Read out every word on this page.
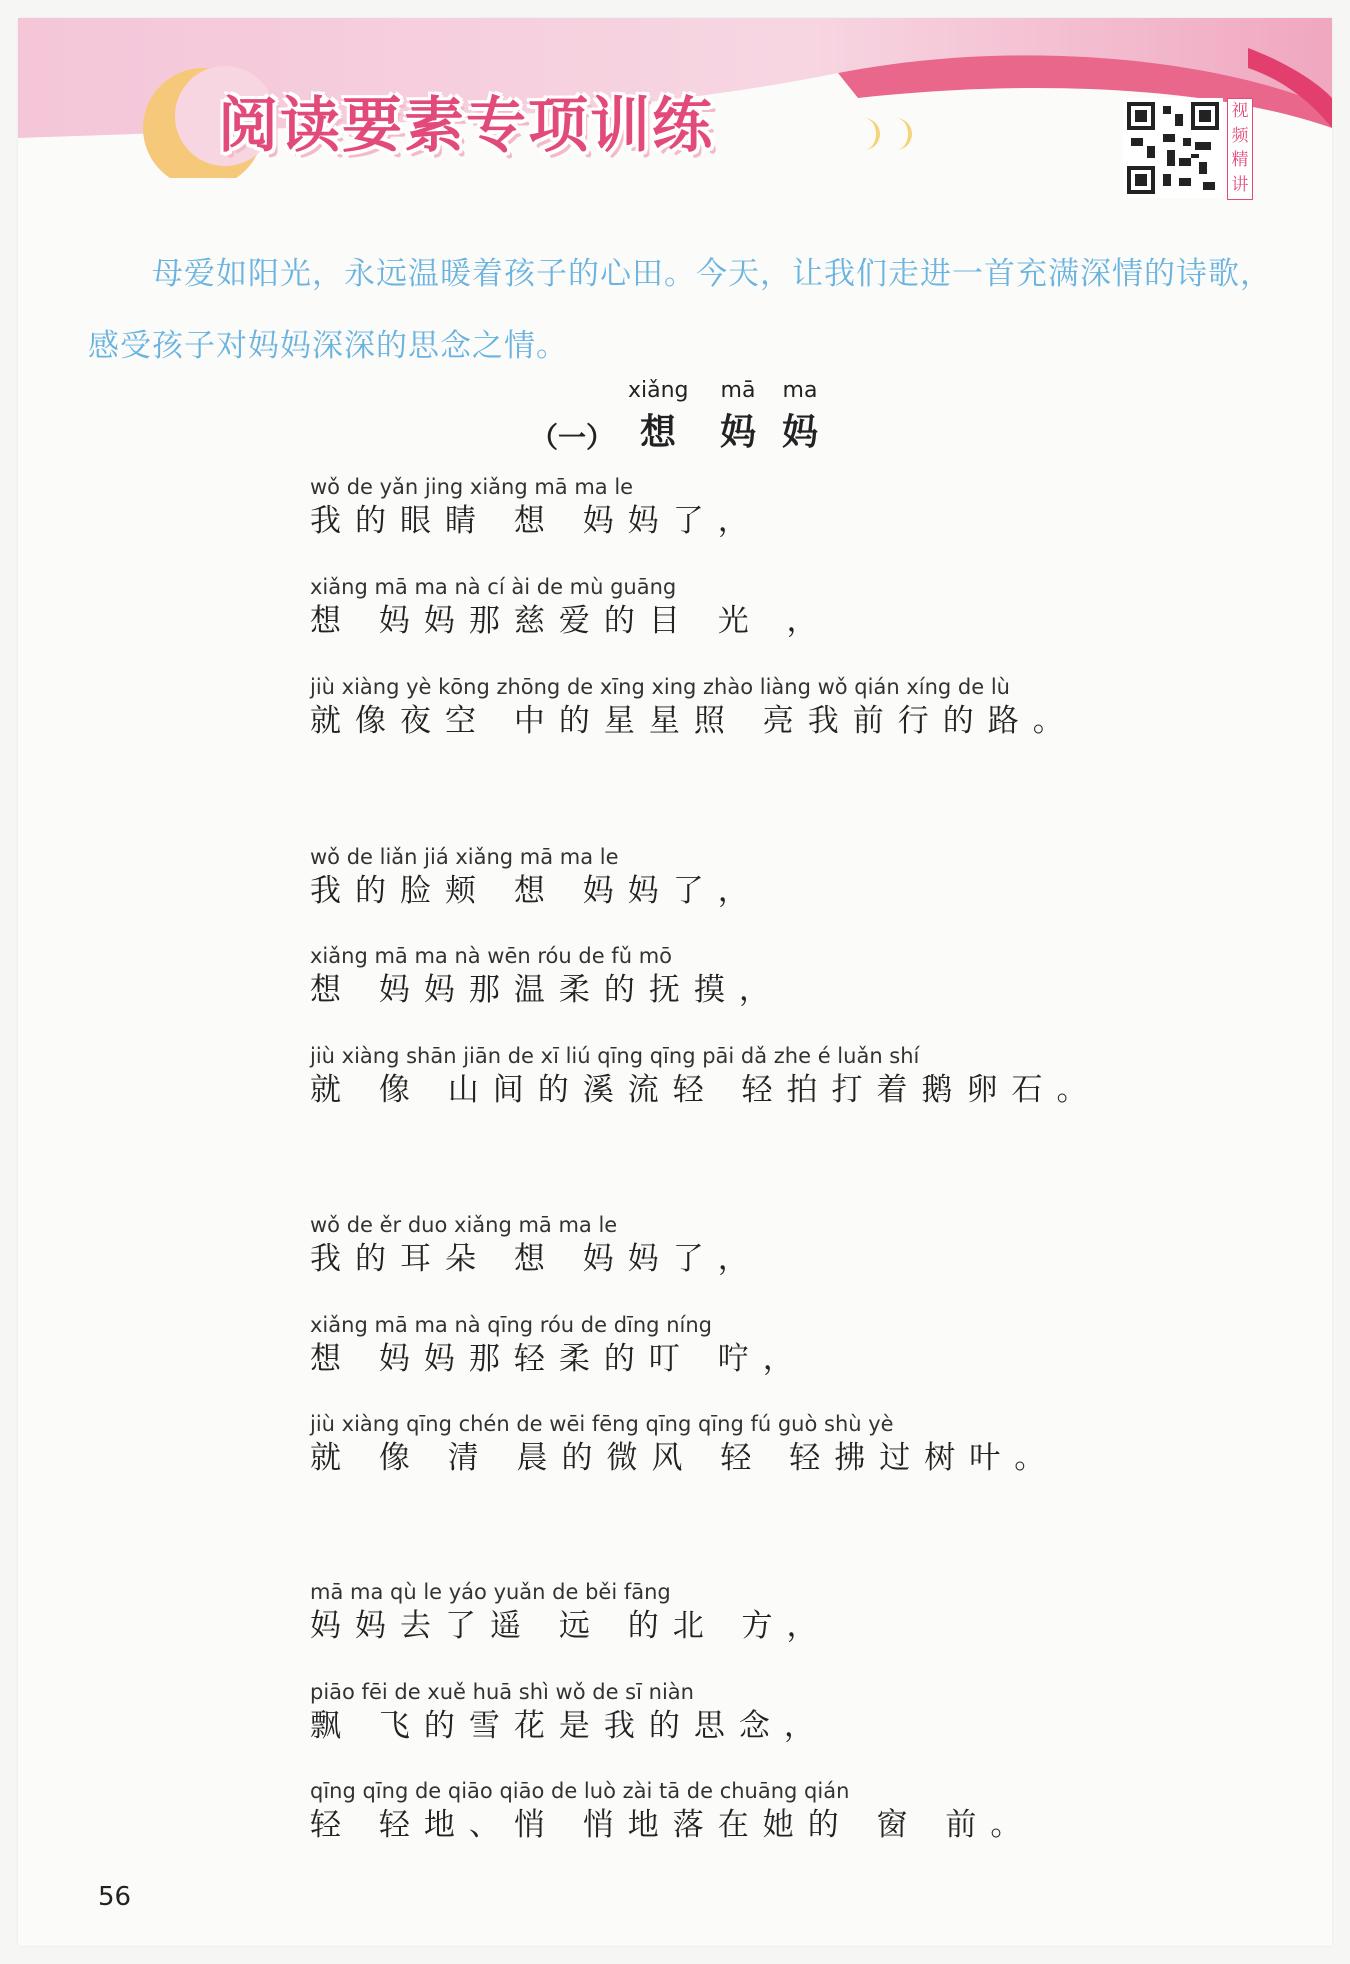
阅读要素专项训练	视
频
精
讲
母爱如阳光，永远温暖着孩子的心田。今天，让我们走进一首充满深情的诗歌，感受孩子对妈妈深深的思念之情。
（一）
xiǎng	mā	ma
想	妈 妈
wǒ de yǎn jing xiǎng mā ma le
我的眼睛 想 妈妈了，
xiǎng mā ma nà cí ài de mù guāng
想 妈妈那慈爱的目 光 ，
jiù xiàng yè kōng zhōng de xīng xing zhào liàng wǒ qián xíng de lù
就像夜空 中的星星照 亮我前行的路。
wǒ de liǎn jiá xiǎng mā ma le
我的脸颊 想 妈妈了，
xiǎng mā ma nà wēn róu de fǔ mō
想 妈妈那温柔的抚摸，
jiù xiàng shān jiān de xī liú qīng qīng pāi dǎ zhe é luǎn shí
就 像 山间的溪流轻 轻拍打着鹅卵石。
wǒ de ěr duo xiǎng mā ma le
我的耳朵 想 妈妈了，
xiǎng mā ma nà qīng róu de dīng níng
想 妈妈那轻柔的叮 咛，
jiù xiàng qīng chén de wēi fēng qīng qīng fú guò shù yè
就 像 清 晨的微风 轻 轻拂过树叶。
mā ma qù le yáo yuǎn de běi fāng
妈妈去了遥 远 的北 方，
piāo fēi de xuě huā shì wǒ de sī niàn
飘 飞的雪花是我的思念，
qīng qīng de qiāo qiāo de luò zài tā de chuāng qián
轻 轻地、悄 悄地落在她的 窗 前。
56
